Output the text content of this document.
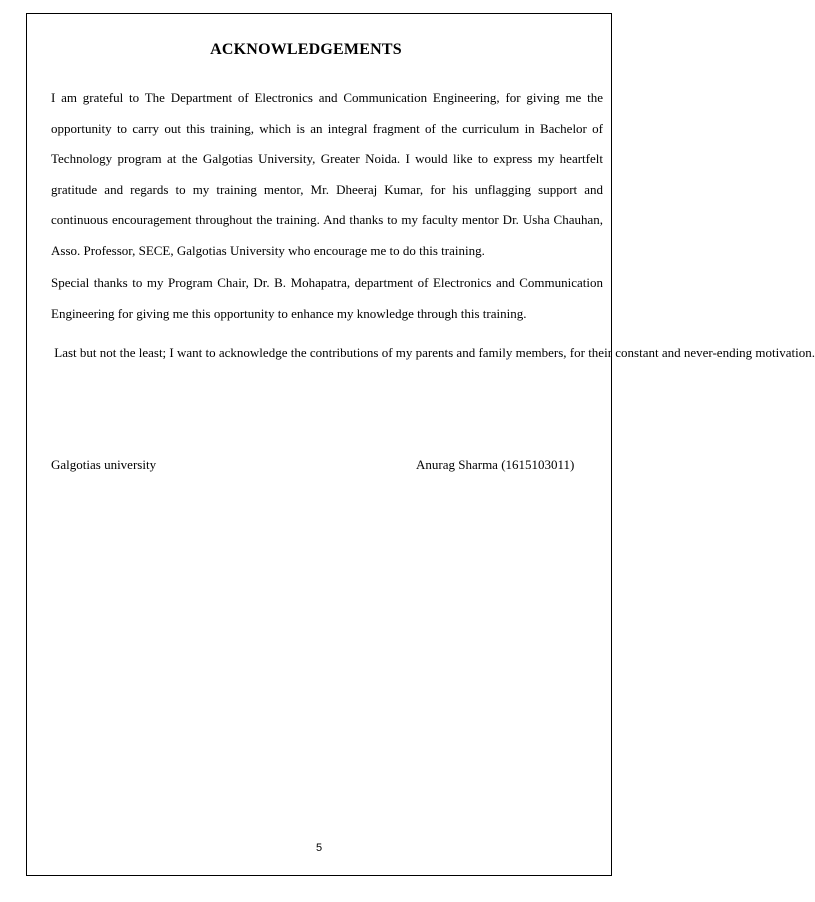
ACKNOWLEDGEMENTS

I am grateful to The Department of Electronics and Communication Engineering, for giving me the opportunity to carry out this training, which is an integral fragment of the curriculum in Bachelor of Technology program at the Galgotias University, Greater Noida. I would like to express my heartfelt gratitude and regards to my training mentor, Mr. Dheeraj Kumar, for his unflagging support and continuous encouragement throughout the training. And thanks to my faculty mentor Dr. Usha Chauhan, Asso. Professor, SECE, Galgotias University who encourage me to do this training.

Special thanks to my Program Chair, Dr. B. Mohapatra, department of Electronics and Communication Engineering for giving me this opportunity to enhance my knowledge through this training.

Last but not the least; I want to acknowledge the contributions of my parents and family members, for their constant and never-ending motivation.

Galgotias university	Anurag Sharma (1615103011)

5
